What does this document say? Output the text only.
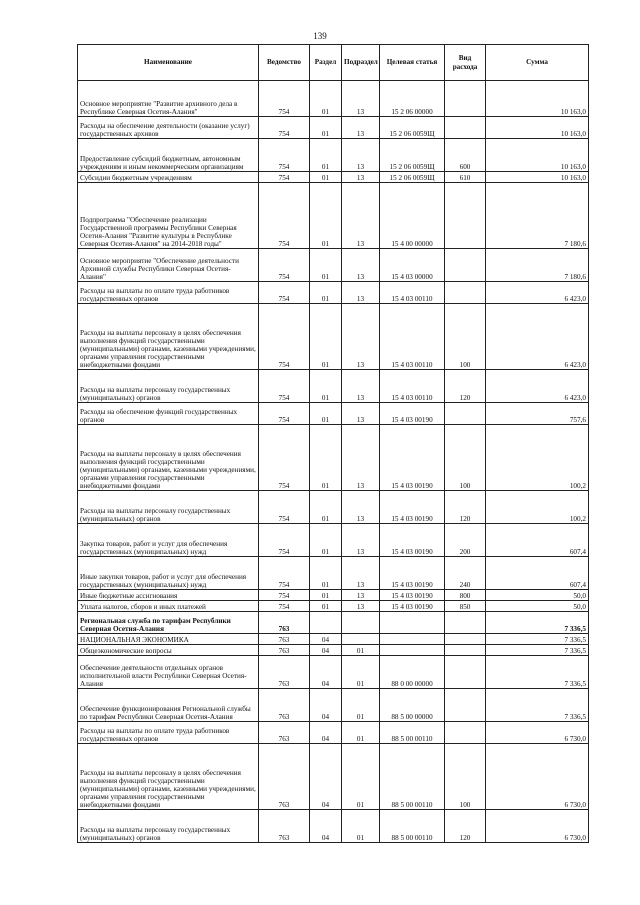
139
Наименование	Ведомство	Раздел	Подраздел	Целевая статья	Вид расхода	Сумма
Основное мероприятие "Развитие архивного дела в Республике Северная Осетия-Алания"	754	01	13	15 2 06 00000		10 163,0
Расходы на обеспечение деятельности (оказание услуг) государственных архивов	754	01	13	15 2 06 0059Щ		10 163,0
Предоставление субсидий бюджетным, автономным учреждениям и иным некоммерческим организациям	754	01	13	15 2 06 0059Щ	600	10 163,0
Субсидии бюджетным учреждениям	754	01	13	15 2 06 0059Щ	610	10 163,0
Подпрограмма "Обеспечение реализации Государственной программы Республики Северная Осетия-Алания "Развитие культуры в Республике Северная Осетия-Алания" на 2014-2018 годы"	754	01	13	15 4 00 00000		7 180,6
Основное мероприятие "Обеспечение деятельности Архивной службы Республики Северная Осетия-Алания"	754	01	13	15 4 03 00000		7 180,6
Расходы на выплаты по оплате труда работников государственных органов	754	01	13	15 4 03 00110		6 423,0
Расходы на выплаты персоналу в целях обеспечения выполнения функций государственными (муниципальными) органами, казенными учреждениями, органами управления государственными внебюджетными фондами	754	01	13	15 4 03 00110	100	6 423,0
Расходы на выплаты персоналу государственных (муниципальных) органов	754	01	13	15 4 03 00110	120	6 423,0
Расходы на обеспечение функций государственных органов	754	01	13	15 4 03 00190		757,6
Расходы на выплаты персоналу в целях обеспечения выполнения функций государственными (муниципальными) органами, казенными учреждениями, органами управления государственными внебюджетными фондами	754	01	13	15 4 03 00190	100	100,2
Расходы на выплаты персоналу государственных (муниципальных) органов	754	01	13	15 4 03 00190	120	100,2
Закупка товаров, работ и услуг для обеспечения государственных (муниципальных) нужд	754	01	13	15 4 03 00190	200	607,4
Иные закупки товаров, работ и услуг для обеспечения государственных (муниципальных) нужд	754	01	13	15 4 03 00190	240	607,4
Иные бюджетные ассигнования	754	01	13	15 4 03 00190	800	50,0
Уплата налогов, сборов и иных платежей	754	01	13	15 4 03 00190	850	50,0
Региональная служба по тарифам Республики Северная Осетия-Алания	763					7 336,5
НАЦИОНАЛЬНАЯ ЭКОНОМИКА	763	04				7 336,5
Общеэкономические вопросы	763	04	01			7 336,5
Обеспечение деятельности отдельных органов исполнительной власти Республики Северная Осетия-Алания	763	04	01	88 0 00 00000		7 336,5
Обеспечение функционирования Региональной службы по тарифам Республики Северная Осетия-Алания	763	04	01	88 5 00 00000		7 336,5
Расходы на выплаты по оплате труда работников государственных органов	763	04	01	88 5 00 00110		6 730,0
Расходы на выплаты персоналу в целях обеспечения выполнения функций государственными (муниципальными) органами, казенными учреждениями, органами управления государственными внебюджетными фондами	763	04	01	88 5 00 00110	100	6 730,0
Расходы на выплаты персоналу государственных (муниципальных) органов	763	04	01	88 5 00 00110	120	6 730,0
